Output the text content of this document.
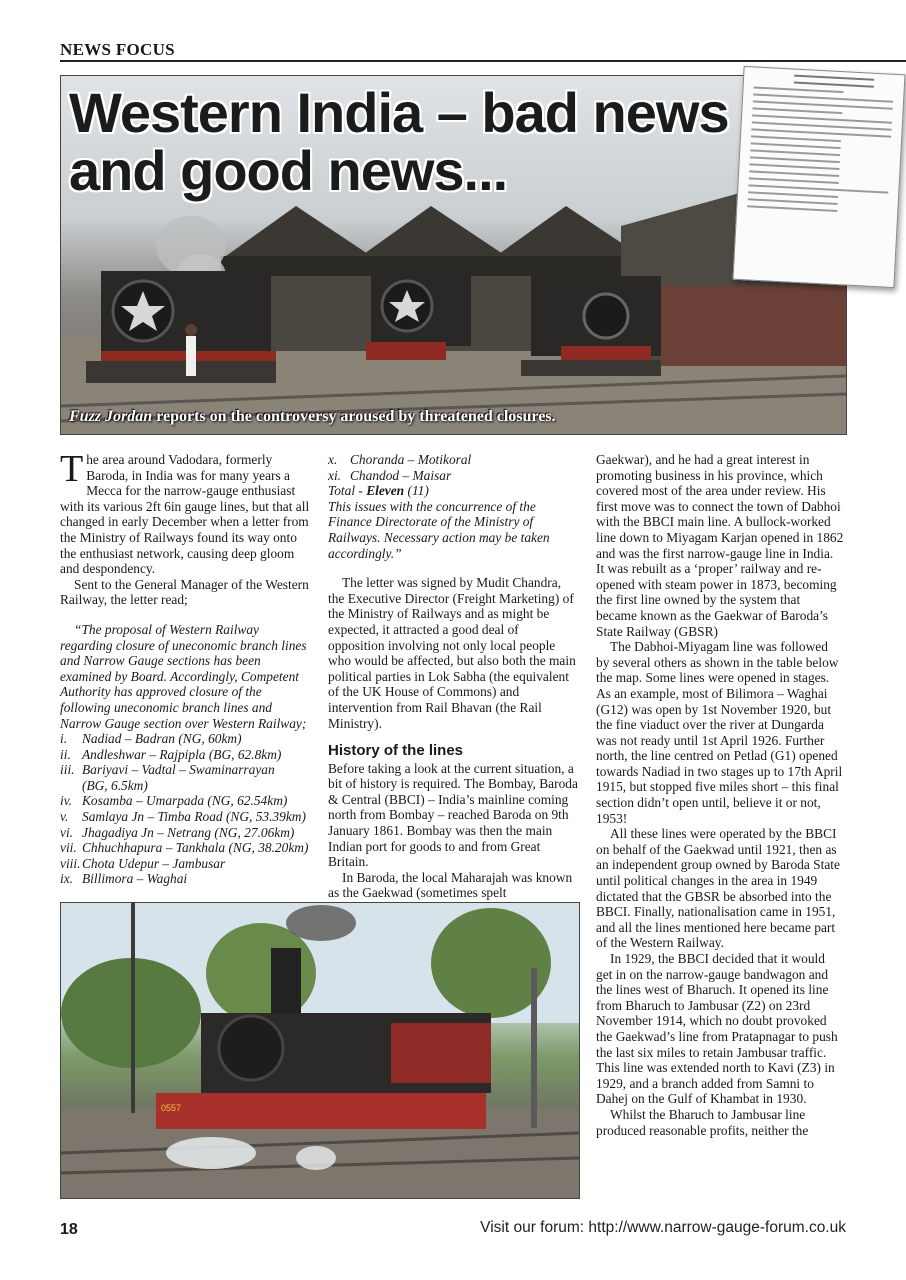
NEWS FOCUS
Western India – bad news
and good news...
Fuzz Jordan reports on the controversy aroused by threatened closures.

The area around Vadodara, formerly Baroda, in India was for many years a Mecca for the narrow-gauge enthusiast with its various 2ft 6in gauge lines, but that all changed in early December when a letter from the Ministry of Railways found its way onto the enthusiast network, causing deep gloom and despondency.

Sent to the General Manager of the Western Railway, the letter read;

“The proposal of Western Railway regarding closure of uneconomic branch lines and Narrow Gauge sections has been examined by Board. Accordingly, Competent Authority has approved closure of the following uneconomic branch lines and Narrow Gauge section over Western Railway;

i. Nadiad – Badran (NG, 60km)
ii. Andleshwar – Rajpipla (BG, 62.8km)
iii. Bariyavi – Vadtal – Swaminarrayan
(BG, 6.5km)
iv. Kosamba – Umarpada (NG, 62.54km)
v. Samlaya Jn – Timba Road (NG, 53.39km)
vi. Jhagadiya Jn – Netrang (NG, 27.06km)
vii. Chhuchhapura – Tankhala (NG, 38.20km)
viii. Chota Udepur – Jambusar
ix. Billimora – Waghai
x. Choranda – Motikoral
xi. Chandod – Maisar

Total - Eleven (11)

This issues with the concurrence of the Finance Directorate of the Ministry of Railways. Necessary action may be taken accordingly.”

The letter was signed by Mudit Chandra, the Executive Director (Freight Marketing) of the Ministry of Railways and as might be expected, it attracted a good deal of opposition involving not only local people who would be affected, but also both the main political parties in Lok Sabha (the equivalent of the UK House of Commons) and intervention from Rail Bhavan (the Rail Ministry).

History of the lines

Before taking a look at the current situation, a bit of history is required. The Bombay, Baroda & Central (BBCI) – India’s mainline coming north from Bombay – reached Baroda on 9th January 1861. Bombay was then the main Indian port for goods to and from Great Britain.

In Baroda, the local Maharajah was known as the Gaekwad (sometimes spelt

Gaekwar), and he had a great interest in promoting business in his province, which covered most of the area under review. His first move was to connect the town of Dabhoi with the BBCI main line. A bullock-worked line down to Miyagam Karjan opened in 1862 and was the first narrow-gauge line in India. It was rebuilt as a ‘proper’ railway and re-opened with steam power in 1873, becoming the first line owned by the system that became known as the Gaekwar of Baroda’s State Railway (GBSR)

The Dabhoi-Miyagam line was followed by several others as shown in the table below the map. Some lines were opened in stages. As an example, most of Bilimora – Waghai (G12) was open by 1st November 1920, but the fine viaduct over the river at Dungarda was not ready until 1st April 1926. Further north, the line centred on Petlad (G1) opened towards Nadiad in two stages up to 17th April 1915, but stopped five miles short – this final section didn’t open until, believe it or not, 1953!

All these lines were operated by the BBCI on behalf of the Gaekwad until 1921, then as an independent group owned by Baroda State until political changes in the area in 1949 dictated that the GBSR be absorbed into the BBCI. Finally, nationalisation came in 1951, and all the lines mentioned here became part of the Western Railway.

In 1929, the BBCI decided that it would get in on the narrow-gauge bandwagon and the lines west of Bharuch. It opened its line from Bharuch to Jambusar (Z2) on 23rd November 1914, which no doubt provoked the Gaekwad’s line from Pratapnagar to push the last six miles to retain Jambusar traffic. This line was extended north to Kavi (Z3) in 1929, and a branch added from Samni to Dahej on the Gulf of Khambat in 1930.

Whilst the Bharuch to Jambusar line produced reasonable profits, neither the

0557
18	Visit our forum: http://www.narrow-gauge-forum.co.uk
